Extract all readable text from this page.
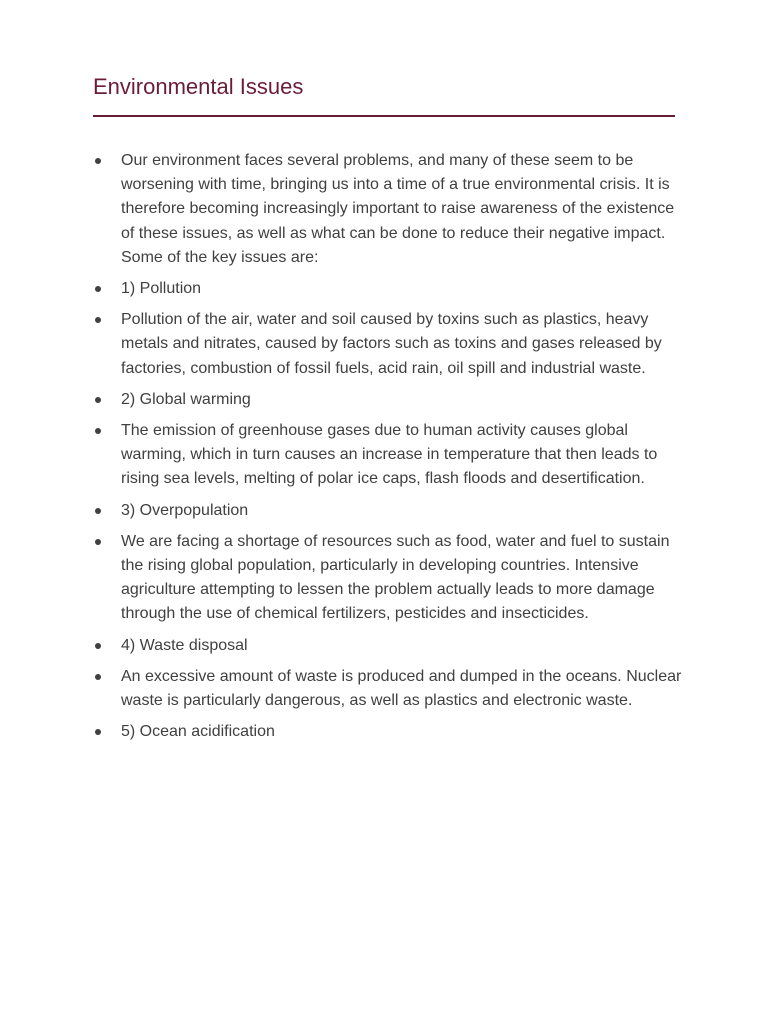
Environmental Issues
Our environment faces several problems, and many of these seem to be worsening with time, bringing us into a time of a true environmental crisis. It is therefore becoming increasingly important to raise awareness of the existence of these issues, as well as what can be done to reduce their negative impact. Some of the key issues are:
1) Pollution
Pollution of the air, water and soil caused by toxins such as plastics, heavy metals and nitrates, caused by factors such as toxins and gases released by factories, combustion of fossil fuels, acid rain, oil spill and industrial waste.
2) Global warming
The emission of greenhouse gases due to human activity causes global warming, which in turn causes an increase in temperature that then leads to rising sea levels, melting of polar ice caps, flash floods and desertification.
3) Overpopulation
We are facing a shortage of resources such as food, water and fuel to sustain the rising global population, particularly in developing countries. Intensive agriculture attempting to lessen the problem actually leads to more damage through the use of chemical fertilizers, pesticides and insecticides.
4) Waste disposal
An excessive amount of waste is produced and dumped in the oceans. Nuclear waste is particularly dangerous, as well as plastics and electronic waste.
5) Ocean acidification
